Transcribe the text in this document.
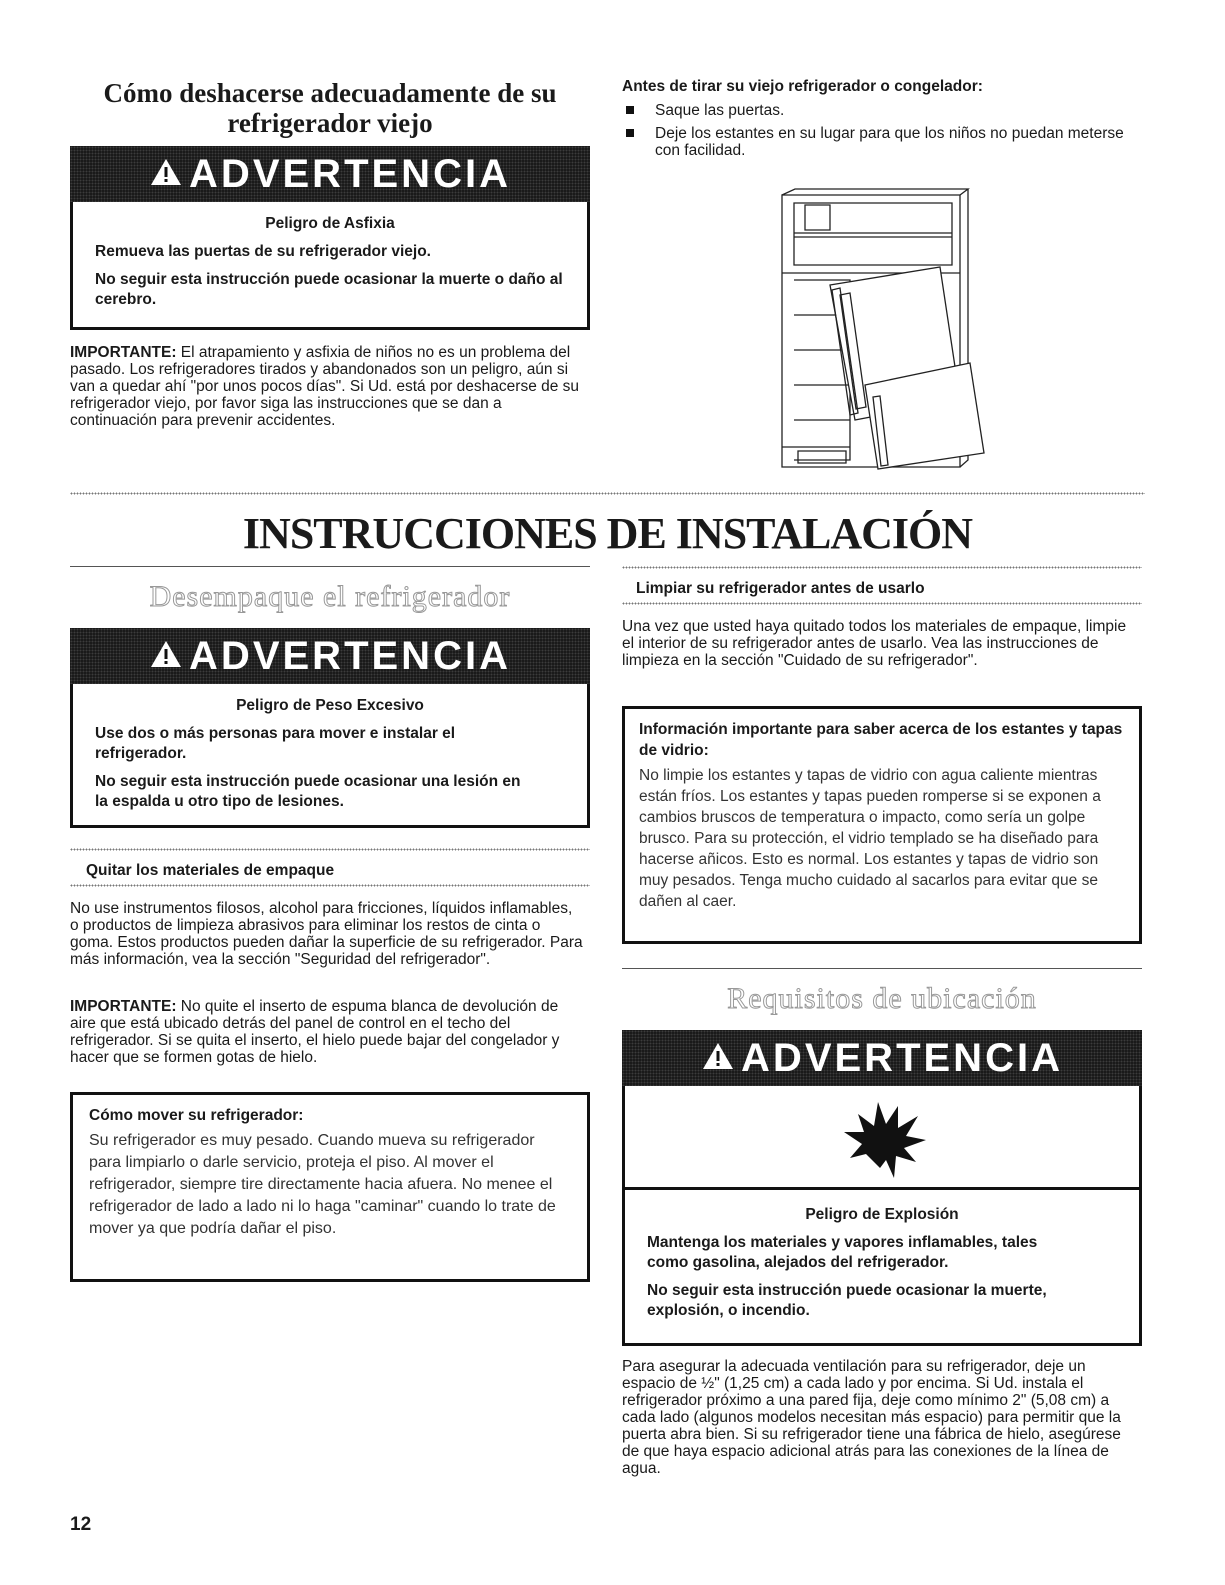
Cómo deshacerse adecuadamente de su
refrigerador viejo
ADVERTENCIA
Peligro de Asfixia

Remueva las puertas de su refrigerador viejo.

No seguir esta instrucción puede ocasionar la muerte o daño al cerebro.

IMPORTANTE: El atrapamiento y asfixia de niños no es un problema del pasado. Los refrigeradores tirados y abandonados son un peligro, aún si van a quedar ahí "por unos pocos días". Si Ud. está por deshacerse de su refrigerador viejo, por favor siga las instrucciones que se dan a continuación para prevenir accidentes.
Antes de tirar su viejo refrigerador o congelador:
Saque las puertas.
Deje los estantes en su lugar para que los niños no puedan meterse con facilidad.
INSTRUCCIONES DE INSTALACIÓN
Desempaque el refrigerador
ADVERTENCIA
Peligro de Peso Excesivo

Use dos o más personas para mover e instalar el refrigerador.

No seguir esta instrucción puede ocasionar una lesión en la espalda u otro tipo de lesiones.

Quitar los materiales de empaque
No use instrumentos filosos, alcohol para fricciones, líquidos inflamables, o productos de limpieza abrasivos para eliminar los restos de cinta o goma. Estos productos pueden dañar la superficie de su refrigerador. Para más información, vea la sección "Seguridad del refrigerador".
IMPORTANTE: No quite el inserto de espuma blanca de devolución de aire que está ubicado detrás del panel de control en el techo del refrigerador. Si se quita el inserto, el hielo puede bajar del congelador y hacer que se formen gotas de hielo.
Cómo mover su refrigerador:
Su refrigerador es muy pesado. Cuando mueva su refrigerador para limpiarlo o darle servicio, proteja el piso. Al mover el refrigerador, siempre tire directamente hacia afuera. No menee el refrigerador de lado a lado ni lo haga "caminar" cuando lo trate de mover ya que podría dañar el piso.
Limpiar su refrigerador antes de usarlo
Una vez que usted haya quitado todos los materiales de empaque, limpie el interior de su refrigerador antes de usarlo. Vea las instrucciones de limpieza en la sección "Cuidado de su refrigerador".
Información importante para saber acerca de los estantes y tapas de vidrio:
No limpie los estantes y tapas de vidrio con agua caliente mientras están fríos. Los estantes y tapas pueden romperse si se exponen a cambios bruscos de temperatura o impacto, como sería un golpe brusco. Para su protección, el vidrio templado se ha diseñado para hacerse añicos. Esto es normal. Los estantes y tapas de vidrio son muy pesados. Tenga mucho cuidado al sacarlos para evitar que se dañen al caer.
Requisitos de ubicación
ADVERTENCIA
Peligro de Explosión

Mantenga los materiales y vapores inflamables, tales como gasolina, alejados del refrigerador.

No seguir esta instrucción puede ocasionar la muerte, explosión, o incendio.

Para asegurar la adecuada ventilación para su refrigerador, deje un espacio de ½" (1,25 cm) a cada lado y por encima. Si Ud. instala el refrigerador próximo a una pared fija, deje como mínimo 2" (5,08 cm) a cada lado (algunos modelos necesitan más espacio) para permitir que la puerta abra bien. Si su refrigerador tiene una fábrica de hielo, asegúrese de que haya espacio adicional atrás para las conexiones de la línea de agua.
12
